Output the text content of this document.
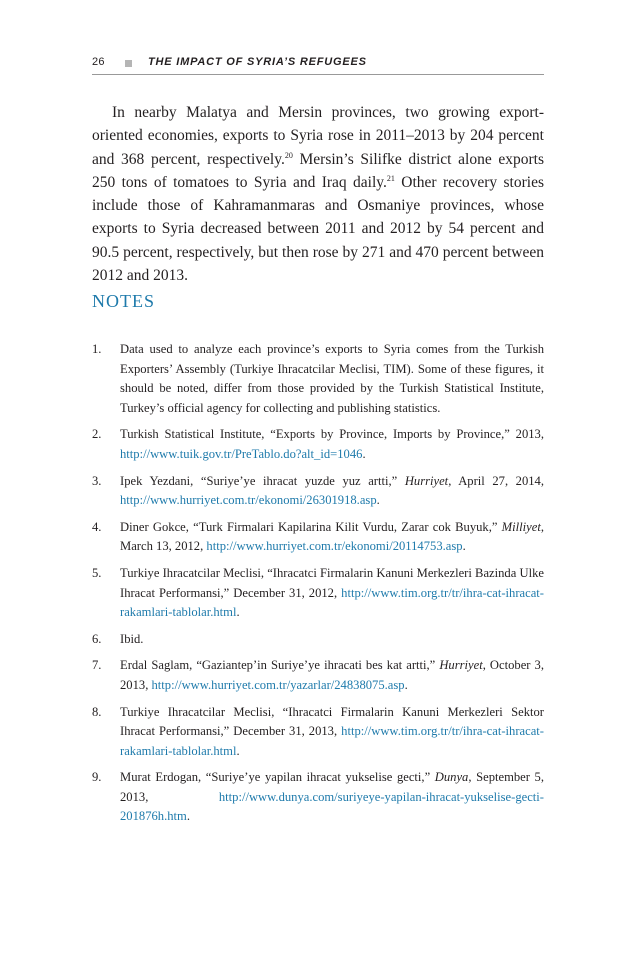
26	THE IMPACT OF SYRIA’S REFUGEES

In nearby Malatya and Mersin provinces, two growing export-oriented economies, exports to Syria rose in 2011–2013 by 204 percent and 368 percent, respectively.$^{20}$ Mersin’s Silifke district alone exports 250 tons of tomatoes to Syria and Iraq daily.$^{21}$ Other recovery stories include those of Kahramanmaras and Osmaniye provinces, whose exports to Syria decreased between 2011 and 2012 by 54 percent and 90.5 percent, respectively, but then rose by 271 and 470 percent between 2012 and 2013.

NOTES
1. Data used to analyze each province’s exports to Syria comes from the Turkish Exporters’ Assembly (Turkiye Ihracatcilar Meclisi, TIM). Some of these figures, it should be noted, differ from those provided by the Turkish Statistical Institute, Turkey’s official agency for collecting and publishing statistics.
2. Turkish Statistical Institute, “Exports by Province, Imports by Province,” 2013, http://www.tuik.gov.tr/PreTablo.do?alt_id=1046.
3. Ipek Yezdani, “Suriye’ye ihracat yuzde yuz artti,” Hurriyet, April 27, 2014, http://www.hurriyet.com.tr/ekonomi/26301918.asp.
4. Diner Gokce, “Turk Firmalari Kapilarina Kilit Vurdu, Zarar cok Buyuk,” Milliyet, March 13, 2012, http://www.hurriyet.com.tr/ekonomi/20114753.asp.
5. Turkiye Ihracatcilar Meclisi, “Ihracatci Firmalarin Kanuni Merkezleri Bazinda Ulke Ihracat Performansi,” December 31, 2012, http://www.tim.org.tr/tr/ihra-cat-ihracat-rakamlari-tablolar.html.
6. Ibid.
7. Erdal Saglam, “Gaziantep’in Suriye’ye ihracati bes kat artti,” Hurriyet, October 3, 2013, http://www.hurriyet.com.tr/yazarlar/24838075.asp.
8. Turkiye Ihracatcilar Meclisi, “Ihracatci Firmalarin Kanuni Merkezleri Sektor Ihracat Performansi,” December 31, 2013, http://www.tim.org.tr/tr/ihra-cat-ihracat-rakamlari-tablolar.html.
9. Murat Erdogan, “Suriye’ye yapilan ihracat yukselise gecti,” Dunya, September 5, 2013, http://www.dunya.com/suriyeye-yapilan-ihracat-yukselise-gecti-201876h.htm.
